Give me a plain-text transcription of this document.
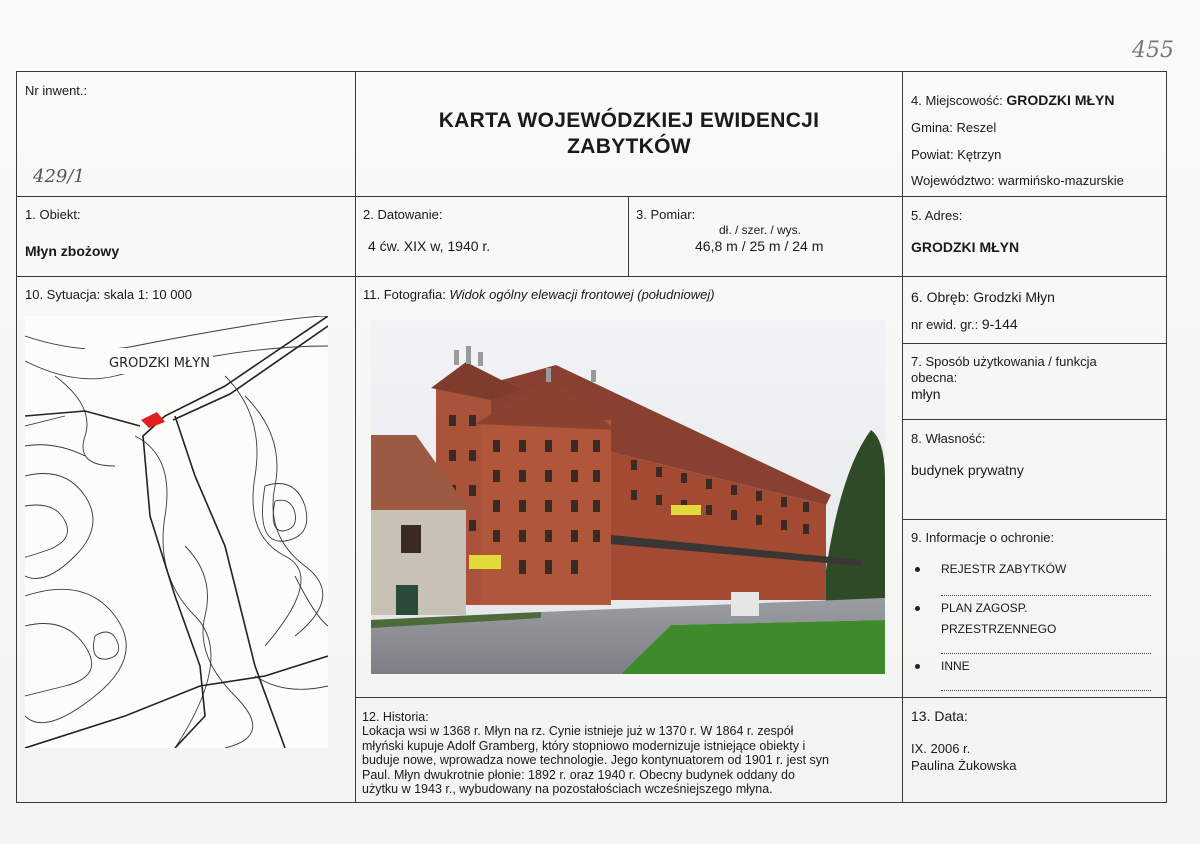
455
Nr inwent.:
429/1
KARTA WOJEWÓDZKIEJ EWIDENCJI
ZABYTKÓW
4. Miejscowość: GRODZKI MŁYN
Gmina: Reszel
Powiat: Kętrzyn
Województwo: warmińsko-mazurskie
1. Obiekt:
Młyn zbożowy
2. Datowanie:
4 ćw. XIX w, 1940 r.
3. Pomiar:
dł. / szer. / wys.
46,8 m / 25 m / 24 m
5. Adres:
GRODZKI MŁYN
10. Sytuacja: skala 1: 10 000
GRODZKI MŁYN
11. Fotografia: Widok ogólny elewacji frontowej (południowej)	6. Obręb: Grodzki Młyn
nr ewid. gr.: 9-144
7. Sposób użytkowania / funkcja
obecna:
młyn
8. Własność:
budynek prywatny
9. Informacje o ochronie:
REJESTR ZABYTKÓW
PLAN ZAGOSP.
PRZESTRZENNEGO
INNE
12. Historia:
Lokacja wsi w 1368 r. Młyn na rz. Cynie istnieje już w 1370 r. W 1864 r. zespół
młyński kupuje Adolf Gramberg, który stopniowo modernizuje istniejące obiekty i
buduje nowe, wprowadza nowe technologie. Jego kontynuatorem od 1901 r. jest syn
Paul. Młyn dwukrotnie płonie: 1892 r. oraz 1940 r. Obecny budynek oddany do
użytku w 1943 r., wybudowany na pozostałościach wcześniejszego młyna.
13. Data:
IX. 2006 r.
Paulina Żukowska
